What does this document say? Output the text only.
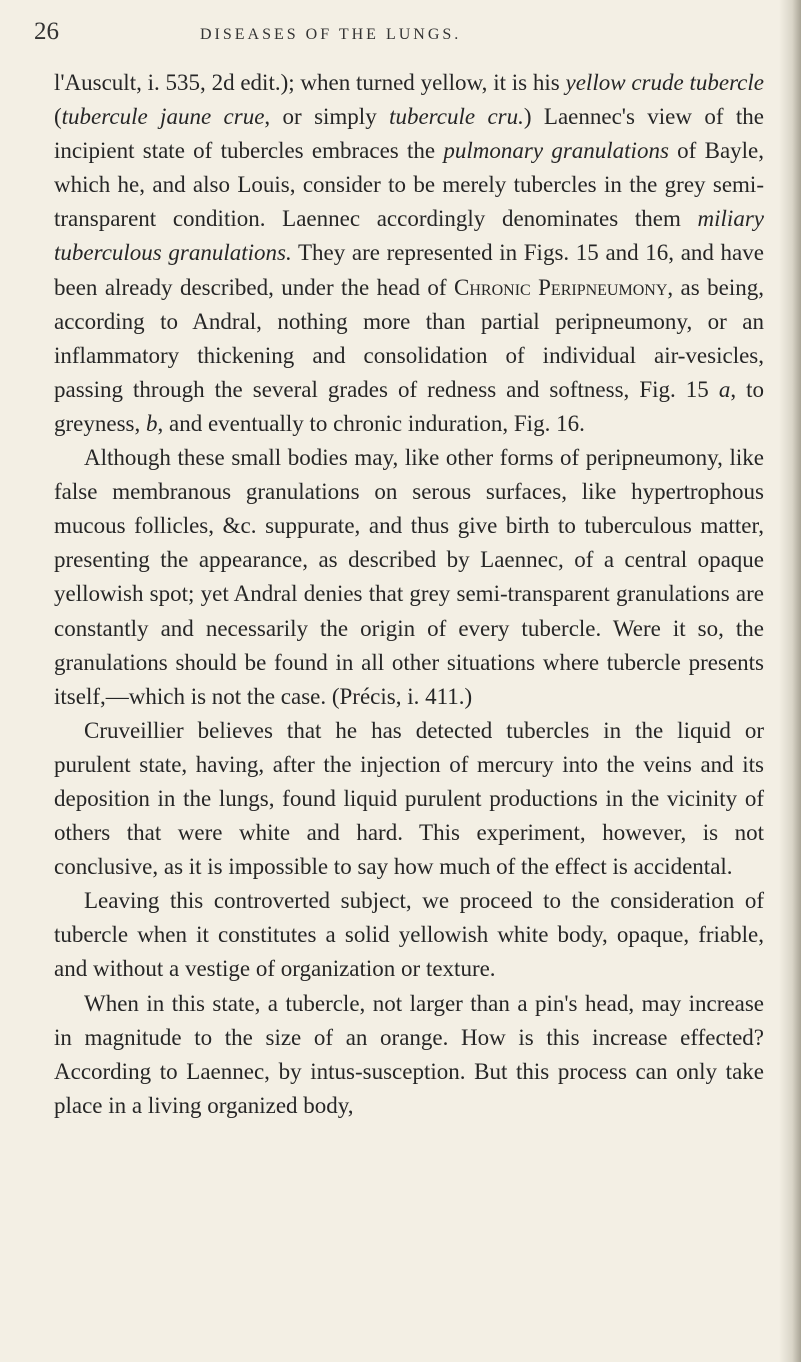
26	DISEASES OF THE LUNGS.

l'Auscult, i. 535, 2d edit.); when turned yellow, it is his yellow crude tubercle (tubercule jaune crue, or simply tubercule cru.) Laennec's view of the incipient state of tubercles embraces the pulmonary granulations of Bayle, which he, and also Louis, consider to be merely tubercles in the grey semi-transparent condition. Laennec accordingly denominates them miliary tuberculous granulations. They are represented in Figs. 15 and 16, and have been already described, under the head of Chronic Peripneumony, as being, according to Andral, nothing more than partial peripneumony, or an inflammatory thickening and consolidation of individual air-vesicles, passing through the several grades of redness and softness, Fig. 15 a, to greyness, b, and eventually to chronic induration, Fig. 16.

Although these small bodies may, like other forms of peripneumony, like false membranous granulations on serous surfaces, like hypertrophous mucous follicles, &c. suppurate, and thus give birth to tuberculous matter, presenting the appearance, as described by Laennec, of a central opaque yellowish spot; yet Andral denies that grey semi-transparent granulations are constantly and necessarily the origin of every tubercle. Were it so, the granulations should be found in all other situations where tubercle presents itself,—which is not the case. (Précis, i. 411.)

Cruveillier believes that he has detected tubercles in the liquid or purulent state, having, after the injection of mercury into the veins and its deposition in the lungs, found liquid purulent productions in the vicinity of others that were white and hard. This experiment, however, is not conclusive, as it is impossible to say how much of the effect is accidental.

Leaving this controverted subject, we proceed to the consideration of tubercle when it constitutes a solid yellowish white body, opaque, friable, and without a vestige of organization or texture.

When in this state, a tubercle, not larger than a pin's head, may increase in magnitude to the size of an orange. How is this increase effected? According to Laennec, by intus-susception. But this process can only take place in a living organized body,
